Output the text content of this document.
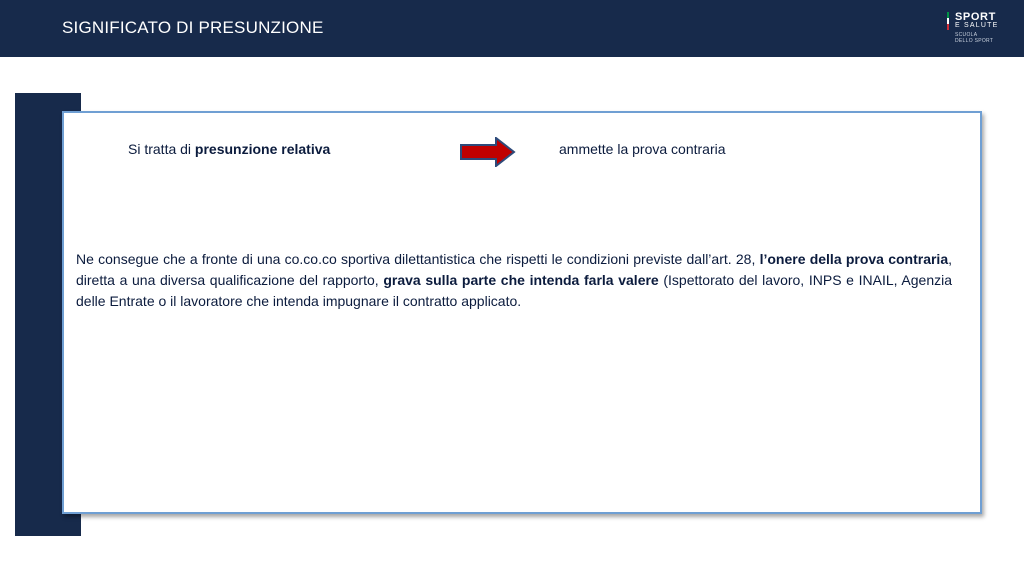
SIGNIFICATO DI PRESUNZIONE
SPORT
E SALUTE
SCUOLA
DELLO SPORT
Si tratta di presunzione relativa	ammette la prova contraria
Ne consegue che a fronte di una co.co.co sportiva dilettantistica che rispetti le condizioni previste dall’art. 28, l’onere della prova contraria, diretta a una diversa qualificazione del rapporto, grava sulla parte che intenda farla valere (Ispettorato del lavoro, INPS e INAIL, Agenzia delle Entrate o il lavoratore che intenda impugnare il contratto applicato.
